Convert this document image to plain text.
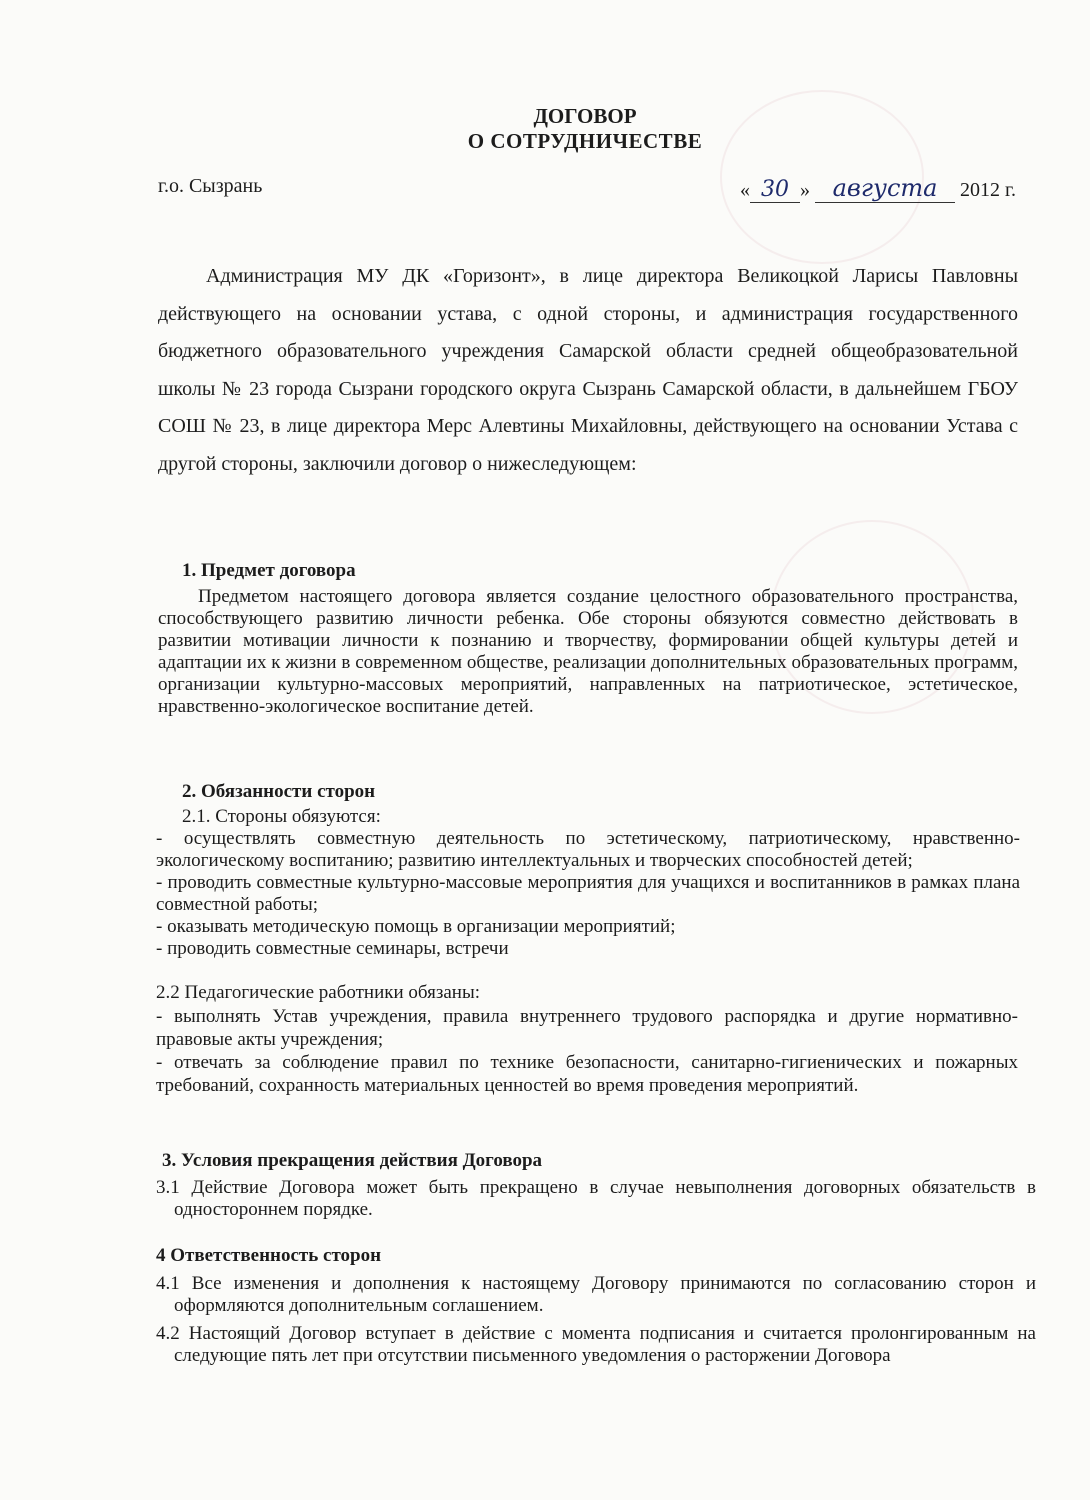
ДОГОВОР
О СОТРУДНИЧЕСТВЕ
г.о. Сызрань	« 30 » августа 2012 г.
Администрация МУ ДК «Горизонт», в лице директора Великоцкой Ларисы Павловны действующего на основании устава, с одной стороны, и администрация государственного бюджетного образовательного учреждения Самарской области средней общеобразовательной школы № 23 города Сызрани городского округа Сызрань Самарской области, в дальнейшем ГБОУ СОШ № 23, в лице директора Мерс Алевтины Михайловны, действующего на основании Устава с другой стороны, заключили договор о нижеследующем:
1. Предмет договора
Предметом настоящего договора является создание целостного образовательного пространства, способствующего развитию личности ребенка. Обе стороны обязуются совместно действовать в развитии мотивации личности к познанию и творчеству, формировании общей культуры детей и адаптации их к жизни в современном обществе, реализации дополнительных образовательных программ, организации культурно-массовых мероприятий, направленных на патриотическое, эстетическое, нравственно-экологическое воспитание детей.
2. Обязанности сторон
2.1. Стороны обязуются:
- осуществлять совместную деятельность по эстетическому, патриотическому, нравственно-экологическому воспитанию; развитию интеллектуальных и творческих способностей детей;
- проводить совместные культурно-массовые мероприятия для учащихся и воспитанников в рамках плана совместной работы;
- оказывать методическую помощь в организации мероприятий;
- проводить совместные семинары, встречи
2.2 Педагогические работники обязаны:
- выполнять Устав учреждения, правила внутреннего трудового распорядка и другие нормативно-правовые акты учреждения;
- отвечать за соблюдение правил по технике безопасности, санитарно-гигиенических и пожарных требований, сохранность материальных ценностей во время проведения мероприятий.
3. Условия прекращения действия Договора
3.1 Действие Договора может быть прекращено в случае невыполнения договорных обязательств в одностороннем порядке.
4 Ответственность сторон
4.1 Все изменения и дополнения к настоящему Договору принимаются по согласованию сторон и оформляются дополнительным соглашением.
4.2 Настоящий Договор вступает в действие с момента подписания и считается пролонгированным на следующие пять лет при отсутствии письменного уведомления о расторжении Договора
